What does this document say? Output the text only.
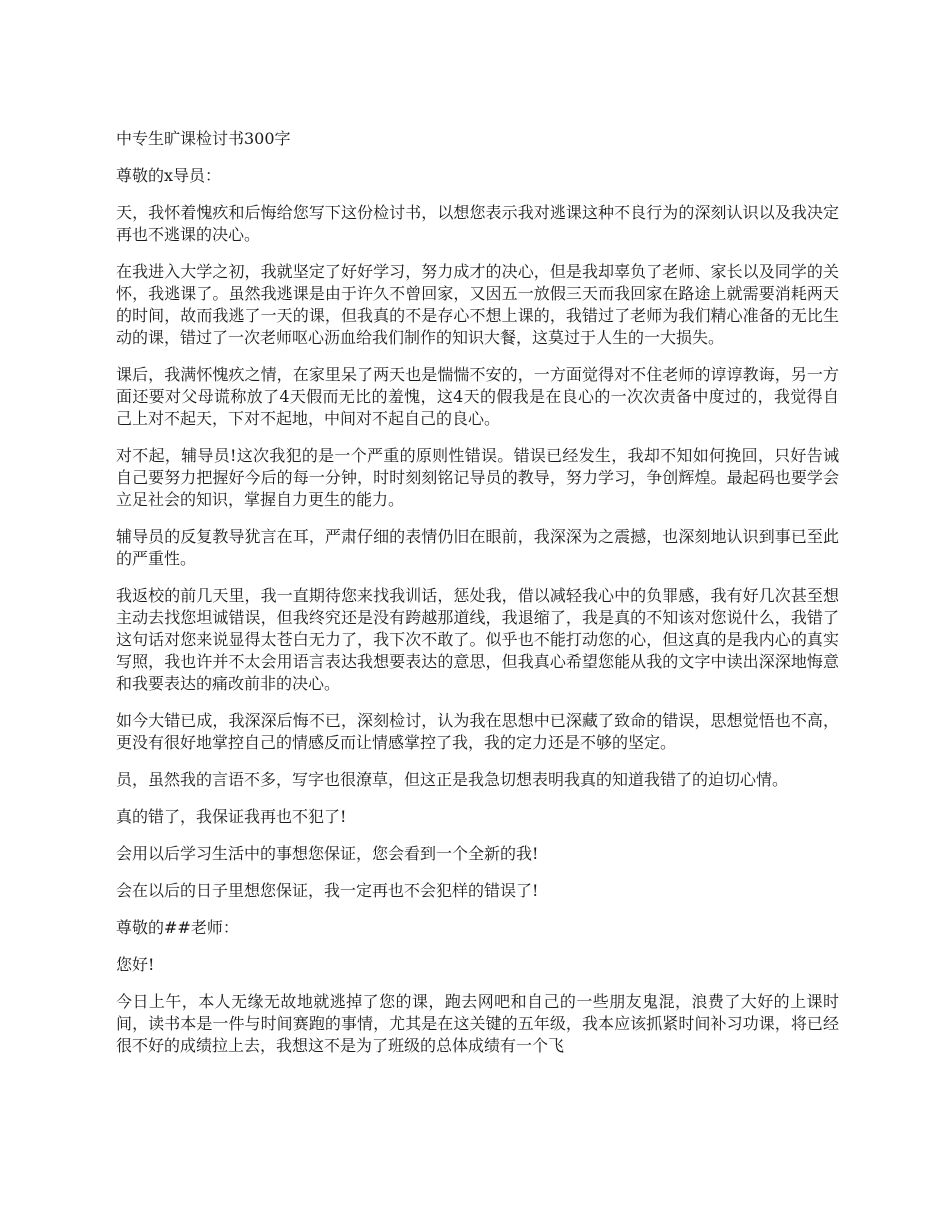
中专生旷课检讨书300字

尊敬的x导员：

天，我怀着愧疚和后悔给您写下这份检讨书，以想您表示我对逃课这种不良行为的深刻认识以及我决定再也不逃课的决心。

在我进入大学之初，我就坚定了好好学习，努力成才的决心，但是我却辜负了老师、家长以及同学的关怀，我逃课了。虽然我逃课是由于许久不曾回家，又因五一放假三天而我回家在路途上就需要消耗两天的时间，故而我逃了一天的课，但我真的不是存心不想上课的，我错过了老师为我们精心准备的无比生动的课，错过了一次老师呕心沥血给我们制作的知识大餐，这莫过于人生的一大损失。

课后，我满怀愧疚之情，在家里呆了两天也是惴惴不安的，一方面觉得对不住老师的谆谆教诲，另一方面还要对父母谎称放了4天假而无比的羞愧，这4天的假我是在良心的一次次责备中度过的，我觉得自己上对不起天，下对不起地，中间对不起自己的良心。

对不起，辅导员!这次我犯的是一个严重的原则性错误。错误已经发生，我却不知如何挽回，只好告诫自己要努力把握好今后的每一分钟，时时刻刻铭记导员的教导，努力学习，争创辉煌。最起码也要学会立足社会的知识，掌握自力更生的能力。

辅导员的反复教导犹言在耳，严肃仔细的表情仍旧在眼前，我深深为之震撼，也深刻地认识到事已至此的严重性。

我返校的前几天里，我一直期待您来找我训话，惩处我，借以减轻我心中的负罪感，我有好几次甚至想主动去找您坦诚错误，但我终究还是没有跨越那道线，我退缩了，我是真的不知该对您说什么，我错了这句话对您来说显得太苍白无力了，我下次不敢了。似乎也不能打动您的心，但这真的是我内心的真实写照，我也许并不太会用语言表达我想要表达的意思，但我真心希望您能从我的文字中读出深深地悔意和我要表达的痛改前非的决心。

如今大错已成，我深深后悔不已，深刻检讨，认为我在思想中已深藏了致命的错误，思想觉悟也不高，更没有很好地掌控自己的情感反而让情感掌控了我，我的定力还是不够的坚定。

员，虽然我的言语不多，写字也很潦草，但这正是我急切想表明我真的知道我错了的迫切心情。

真的错了，我保证我再也不犯了!

会用以后学习生活中的事想您保证，您会看到一个全新的我!

会在以后的日子里想您保证，我一定再也不会犯样的错误了!

尊敬的##老师：

您好!

今日上午，本人无缘无故地就逃掉了您的课，跑去网吧和自己的一些朋友鬼混，浪费了大好的上课时间，读书本是一件与时间赛跑的事情，尤其是在这关键的五年级，我本应该抓紧时间补习功课，将已经很不好的成绩拉上去，我想这不是为了班级的总体成绩有一个飞
